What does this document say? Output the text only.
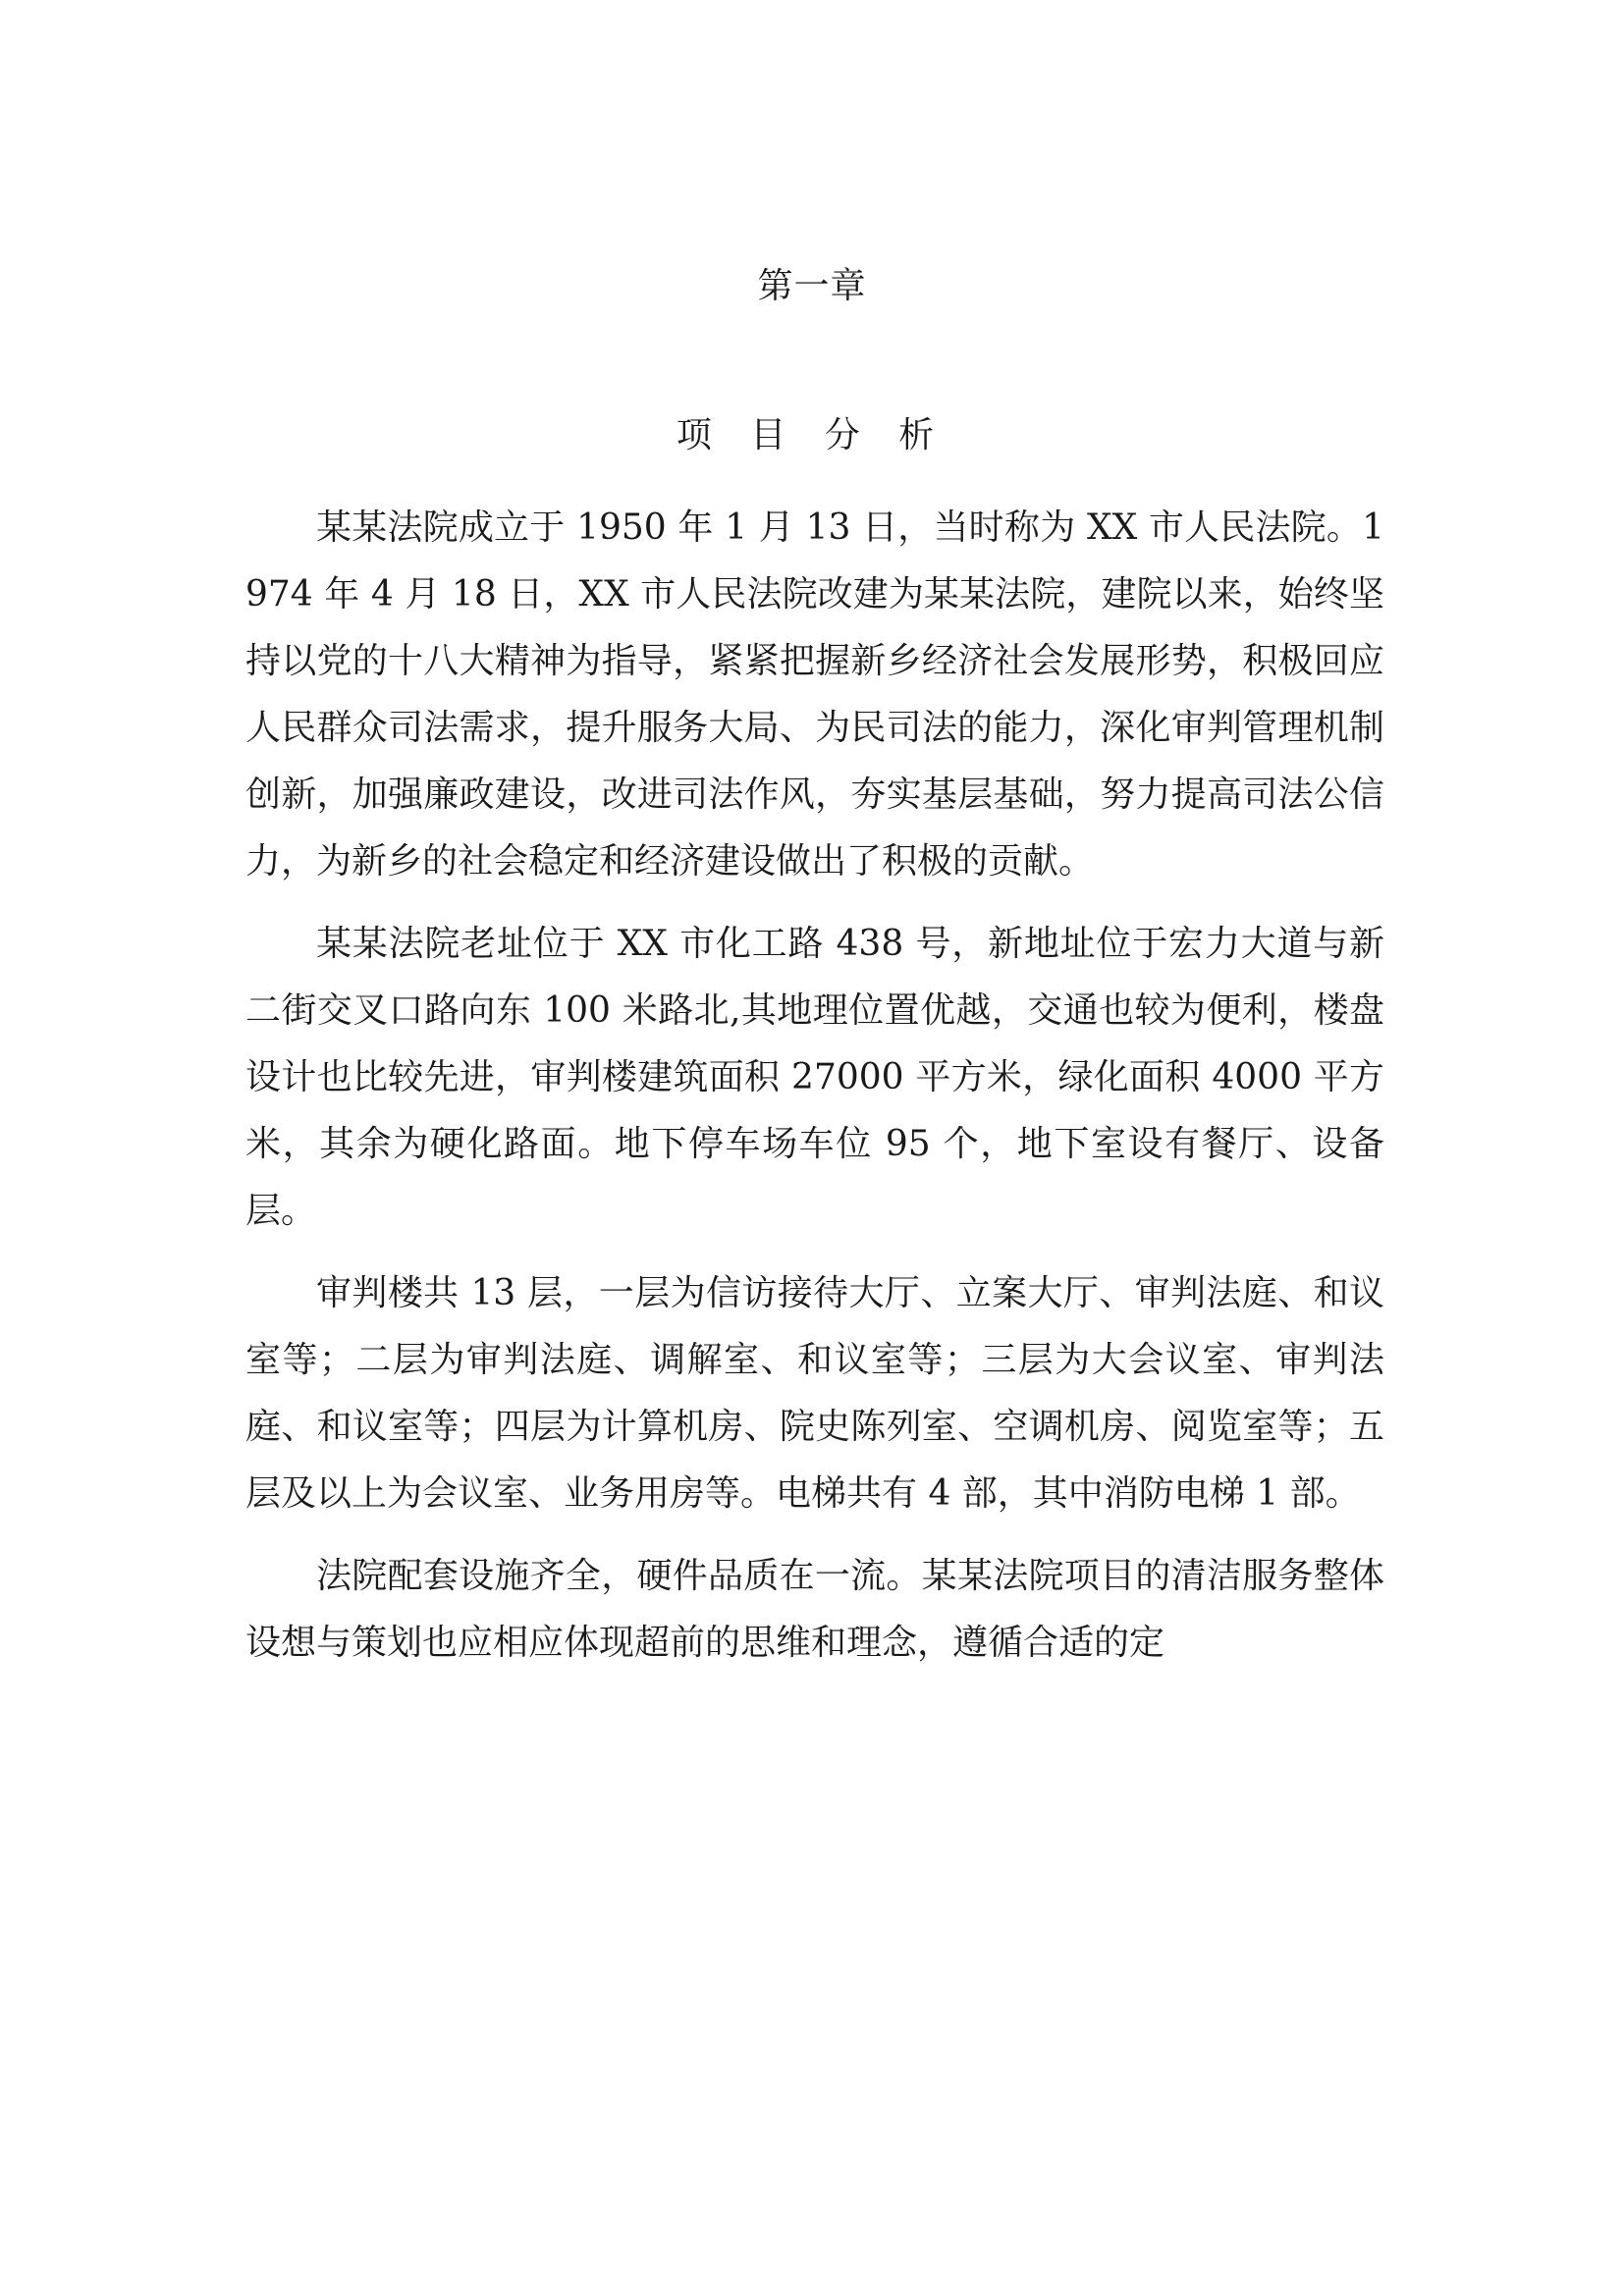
第一章
项 目 分 析

某某法院成立于 1950 年 1 月 13 日，当时称为 XX 市人民法院。1974 年 4 月 18 日，XX 市人民法院改建为某某法院，建院以来，始终坚持以党的十八大精神为指导，紧紧把握新乡经济社会发展形势，积极回应人民群众司法需求，提升服务大局、为民司法的能力，深化审判管理机制创新，加强廉政建设，改进司法作风，夯实基层基础，努力提高司法公信力，为新乡的社会稳定和经济建设做出了积极的贡献。

某某法院老址位于 XX 市化工路 438 号，新地址位于宏力大道与新二街交叉口路向东 100 米路北,其地理位置优越，交通也较为便利，楼盘设计也比较先进，审判楼建筑面积 27000 平方米，绿化面积 4000 平方米，其余为硬化路面。地下停车场车位 95 个，地下室设有餐厅、设备层。

审判楼共 13 层，一层为信访接待大厅、立案大厅、审判法庭、和议室等；二层为审判法庭、调解室、和议室等；三层为大会议室、审判法庭、和议室等；四层为计算机房、院史陈列室、空调机房、阅览室等；五层及以上为会议室、业务用房等。电梯共有 4 部，其中消防电梯 1 部。

法院配套设施齐全，硬件品质在一流。某某法院项目的清洁服务整体设想与策划也应相应体现超前的思维和理念，遵循合适的定
